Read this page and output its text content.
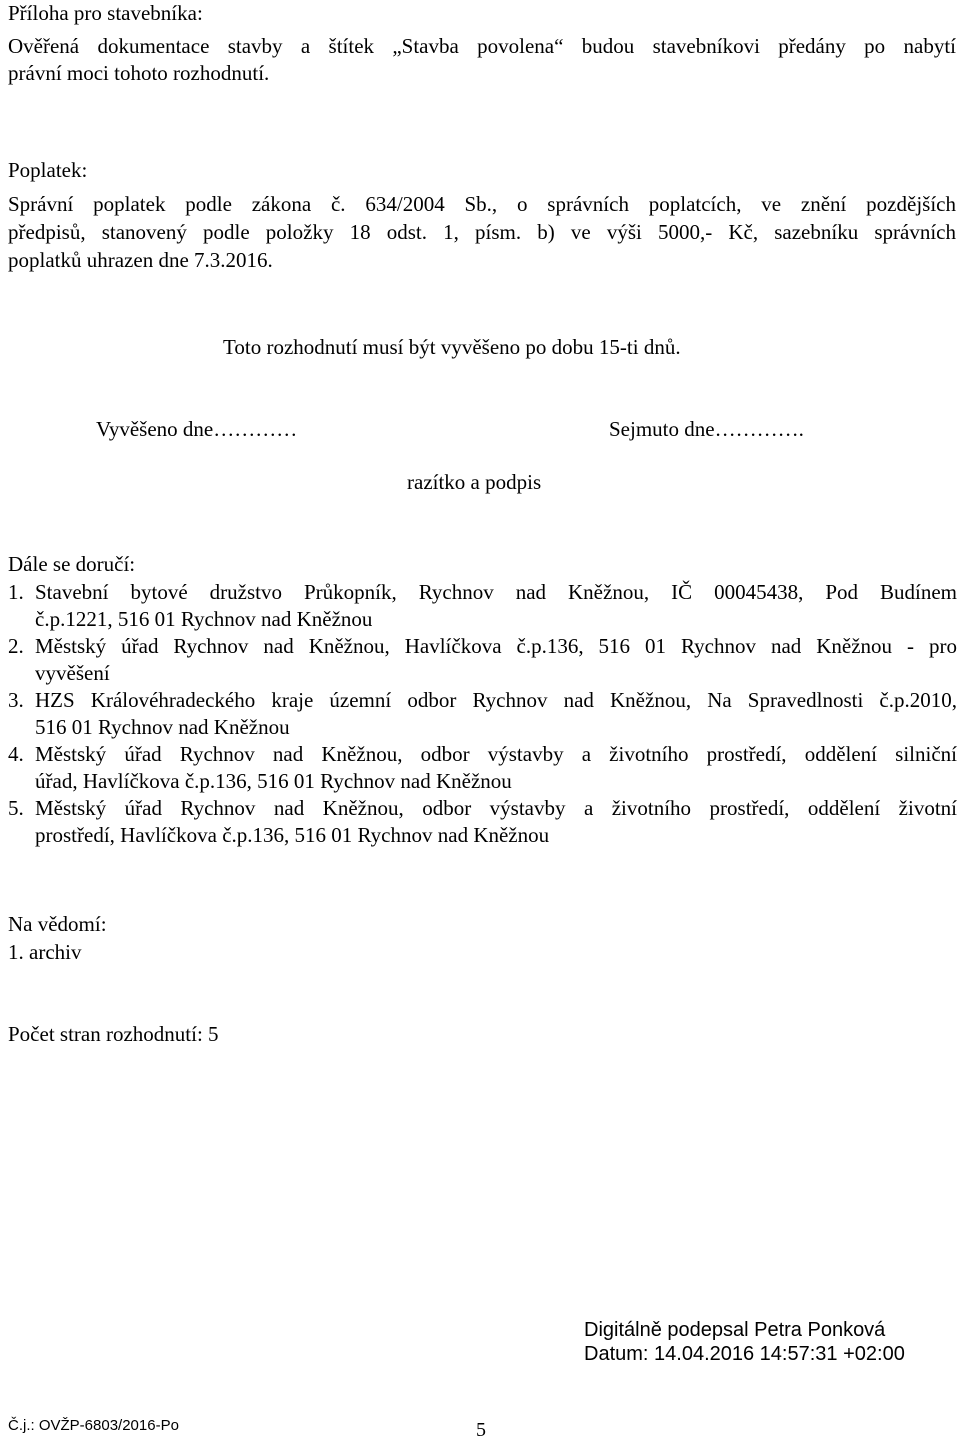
Příloha pro stavebníka:
Ověřená dokumentace stavby a štítek „Stavba povolena“ budou stavebníkovi předány po nabytí
právní moci tohoto rozhodnutí.
Poplatek:
Správní poplatek podle zákona č. 634/2004 Sb., o správních poplatcích, ve znění pozdějších
předpisů, stanovený podle položky 18 odst. 1, písm. b) ve výši 5000,- Kč, sazebníku správních
poplatků uhrazen dne 7.3.2016.
Toto rozhodnutí musí být vyvěšeno po dobu 15-ti dnů.
Vyvěšeno dne…………	Sejmuto dne………….
razítko a podpis
Dále se doručí:
1. Stavební bytové družstvo Průkopník, Rychnov nad Kněžnou, IČ 00045438, Pod Budínem
č.p.1221, 516 01 Rychnov nad Kněžnou
2. Městský úřad Rychnov nad Kněžnou, Havlíčkova č.p.136, 516 01 Rychnov nad Kněžnou - pro
vyvěšení
3. HZS Královéhradeckého kraje územní odbor Rychnov nad Kněžnou, Na Spravedlnosti č.p.2010,
516 01 Rychnov nad Kněžnou
4. Městský úřad Rychnov nad Kněžnou, odbor výstavby a životního prostředí, oddělení silniční
úřad, Havlíčkova č.p.136, 516 01 Rychnov nad Kněžnou
5. Městský úřad Rychnov nad Kněžnou, odbor výstavby a životního prostředí, oddělení životní
prostředí, Havlíčkova č.p.136, 516 01 Rychnov nad Kněžnou
Na vědomí:
1. archiv
Počet stran rozhodnutí: 5
Digitálně podepsal Petra Ponková
Datum: 14.04.2016 14:57:31 +02:00
Č.j.: OVŽP-6803/2016-Po	5
